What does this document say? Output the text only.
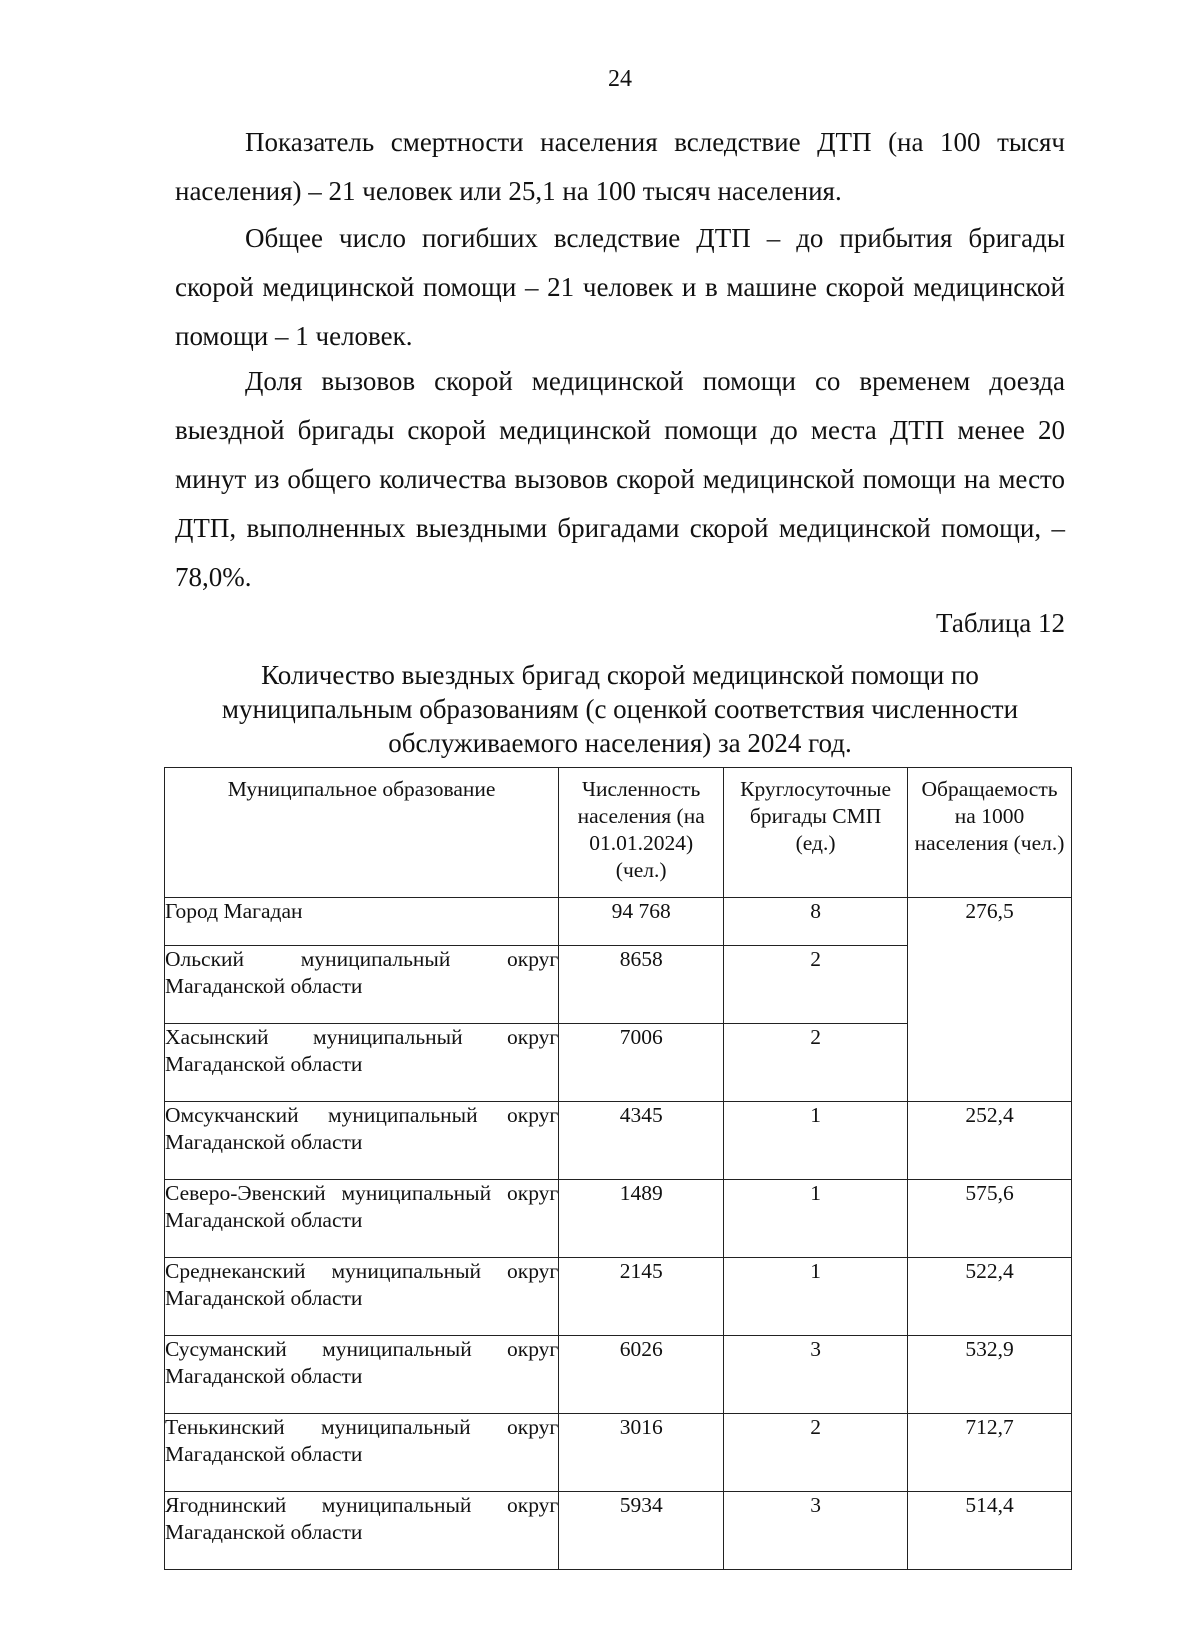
24

Показатель смертности населения вследствие ДТП (на 100 тысяч населения) – 21 человек или 25,1 на 100 тысяч населения.

Общее число погибших вследствие ДТП – до прибытия бригады скорой медицинской помощи – 21 человек и в машине скорой медицинской помощи – 1 человек.

Доля вызовов скорой медицинской помощи со временем доезда выездной бригады скорой медицинской помощи до места ДТП менее 20 минут из общего количества вызовов скорой медицинской помощи на место ДТП, выполненных выездными бригадами скорой медицинской помощи, – 78,0%.

Таблица 12

Количество выездных бригад скорой медицинской помощи по муниципальным образованиям (с оценкой соответствия численности обслуживаемого населения) за 2024 год.

Муниципальное образование	Численность населения (на 01.01.2024) (чел.)	Круглосуточные бригады СМП (ед.)	Обращаемость на 1000 населения (чел.)
Город Магадан	94 768	8	276,5
Ольский муниципальный округ Магаданской области	8658	2	
Хасынский муниципальный округ Магаданской области	7006	2	
Омсукчанский муниципальный округ Магаданской области	4345	1	252,4
Северо-Эвенский муниципальный округ Магаданской области	1489	1	575,6
Среднеканский муниципальный округ Магаданской области	2145	1	522,4
Сусуманский муниципальный округ Магаданской области	6026	3	532,9
Тенькинский муниципальный округ Магаданской области	3016	2	712,7
Ягоднинский муниципальный округ Магаданской области	5934	3	514,4
